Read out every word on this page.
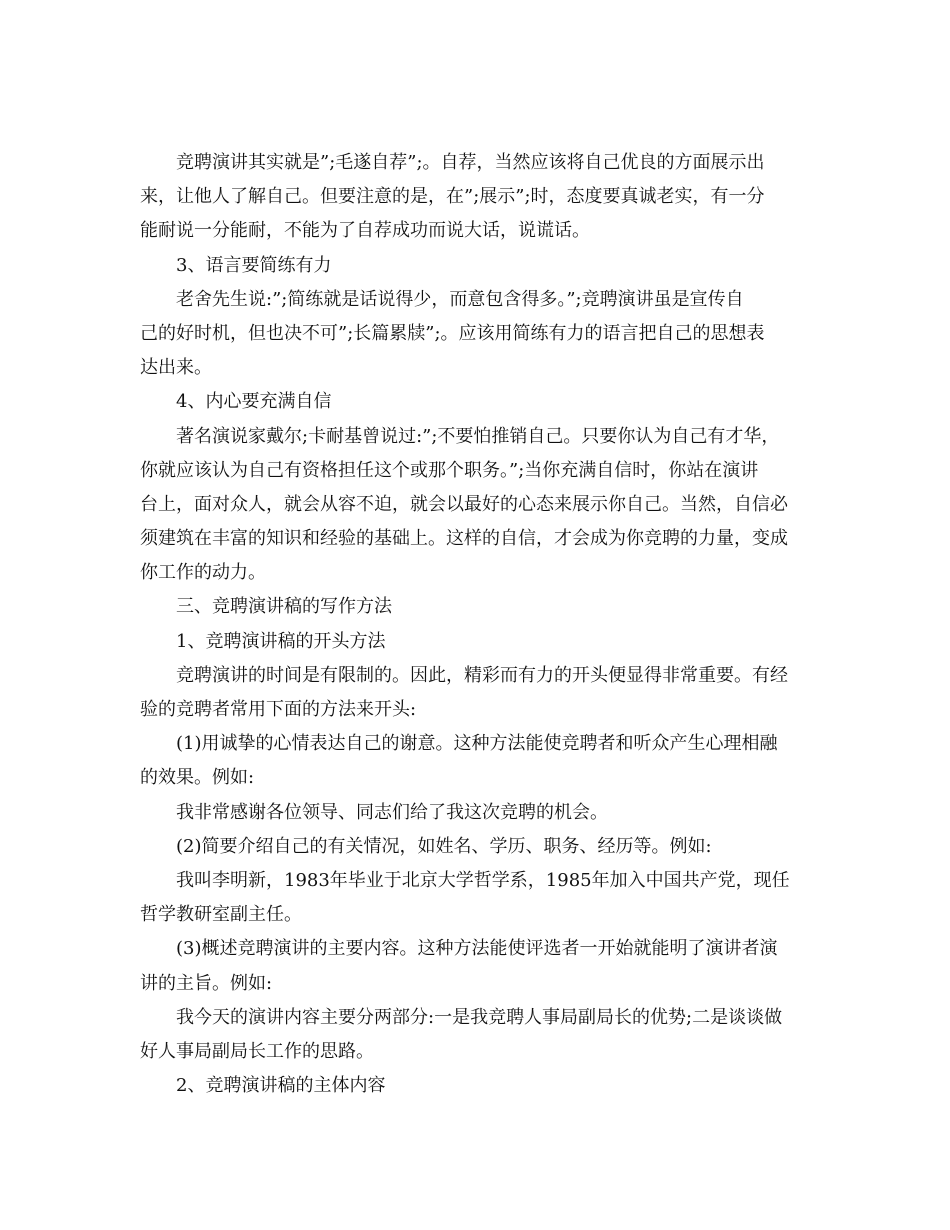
竞聘演讲其实就是”;毛遂自荐”;。自荐，当然应该将自己优良的方面展示出
来，让他人了解自己。但要注意的是，在”;展示”;时，态度要真诚老实，有一分
能耐说一分能耐，不能为了自荐成功而说大话，说谎话。
3、语言要简练有力
老舍先生说:”;简练就是话说得少，而意包含得多。”;竞聘演讲虽是宣传自
己的好时机，但也决不可”;长篇累牍”;。应该用简练有力的语言把自己的思想表
达出来。
4、内心要充满自信
著名演说家戴尔;卡耐基曾说过:”;不要怕推销自己。只要你认为自己有才华，
你就应该认为自己有资格担任这个或那个职务。”;当你充满自信时，你站在演讲
台上，面对众人，就会从容不迫，就会以最好的心态来展示你自己。当然，自信必
须建筑在丰富的知识和经验的基础上。这样的自信，才会成为你竞聘的力量，变成
你工作的动力。
三、竞聘演讲稿的写作方法
1、竞聘演讲稿的开头方法
竞聘演讲的时间是有限制的。因此，精彩而有力的开头便显得非常重要。有经
验的竞聘者常用下面的方法来开头:
(1)用诚挚的心情表达自己的谢意。这种方法能使竞聘者和听众产生心理相融
的效果。例如:
我非常感谢各位领导、同志们给了我这次竞聘的机会。
(2)简要介绍自己的有关情况，如姓名、学历、职务、经历等。例如:
我叫李明新，1983年毕业于北京大学哲学系，1985年加入中国共产党，现任
哲学教研室副主任。
(3)概述竞聘演讲的主要内容。这种方法能使评选者一开始就能明了演讲者演
讲的主旨。例如:
我今天的演讲内容主要分两部分:一是我竞聘人事局副局长的优势;二是谈谈做
好人事局副局长工作的思路。
2、竞聘演讲稿的主体内容
